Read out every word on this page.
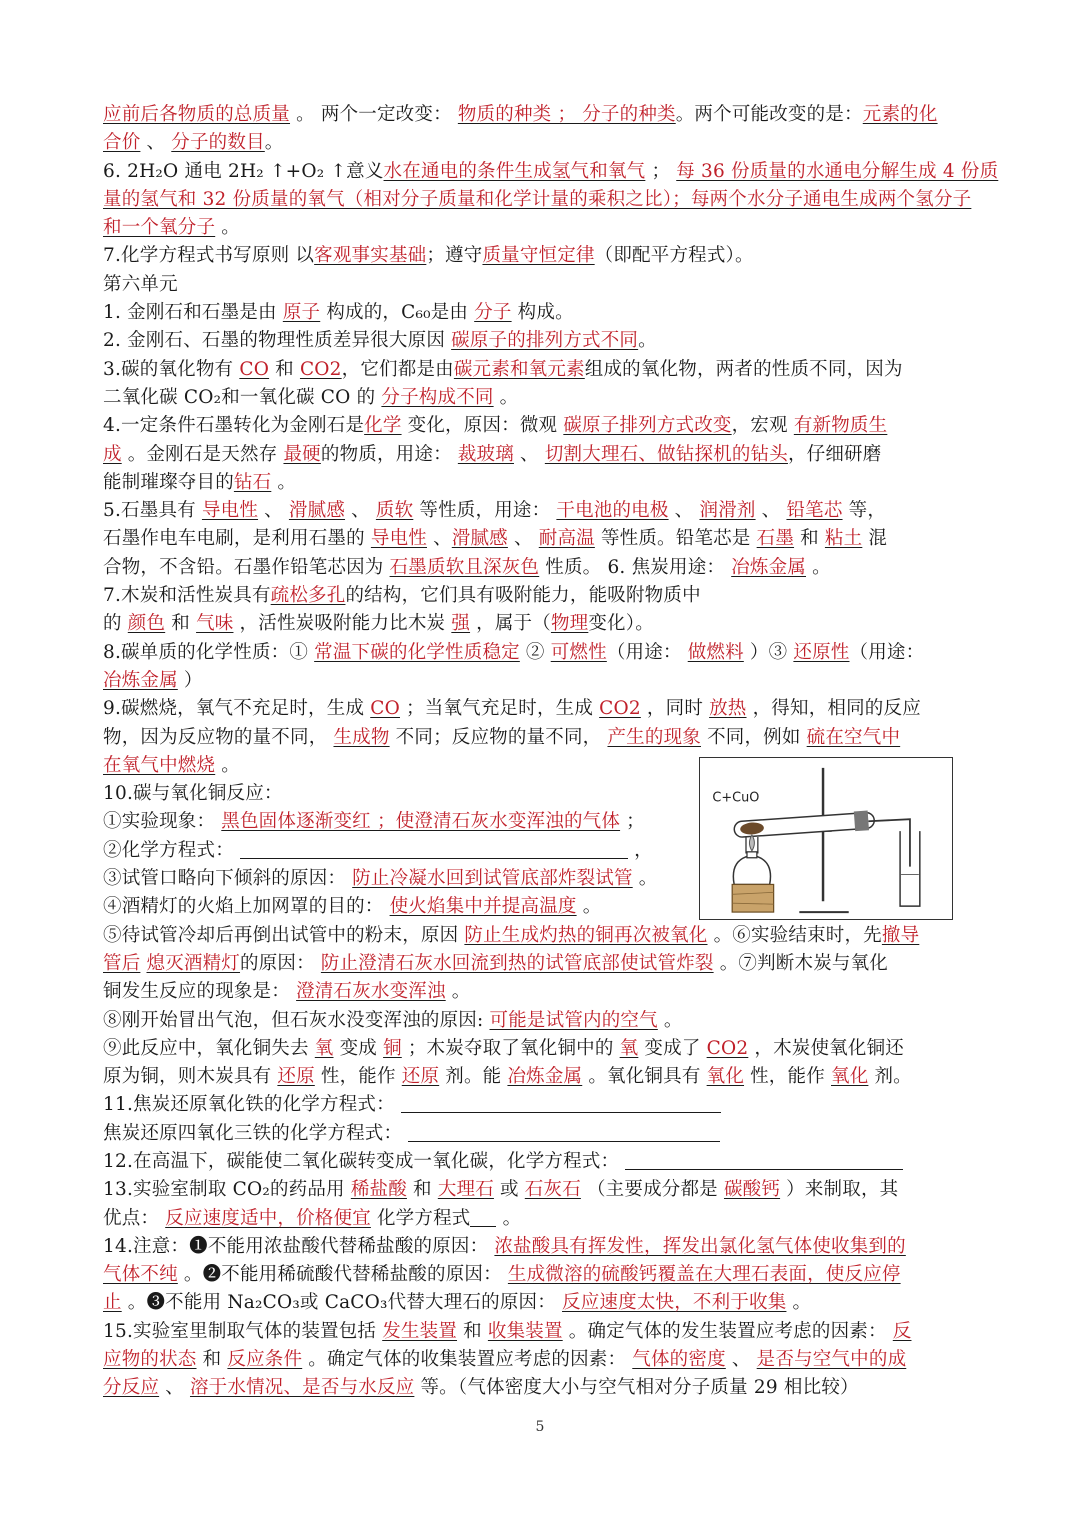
应前后各物质的总质量 。 两个一定改变： 物质的种类 ； 分子的种类。两个可能改变的是：元素的化
合价 、 分子的数目。
6. 2H₂O 通电 2H₂ ↑+O₂ ↑意义水在通电的条件生成氢气和氧气 ； 每 36 份质量的水通电分解生成 4 份质
量的氢气和 32 份质量的氧气（相对分子质量和化学计量的乘积之比）；每两个水分子通电生成两个氢分子
和一个氧分子 。
7.化学方程式书写原则 以客观事实基础；遵守质量守恒定律（即配平方程式）。
第六单元
1. 金刚石和石墨是由 原子 构成的，C₆₀是由 分子 构成。
2. 金刚石、石墨的物理性质差异很大原因 碳原子的排列方式不同。
3.碳的氧化物有 CO 和 CO2，它们都是由碳元素和氧元素组成的氧化物，两者的性质不同，因为
二氧化碳 CO₂和一氧化碳 CO 的 分子构成不同 。
4.一定条件石墨转化为金刚石是化学 变化，原因：微观 碳原子排列方式改变，宏观 有新物质生
成 。金刚石是天然存 最硬的物质，用途： 裁玻璃 、 切割大理石、做钻探机的钻头，仔细研磨
能制璀璨夺目的钻石 。
5.石墨具有 导电性 、 滑腻感 、 质软 等性质，用途： 干电池的电极 、 润滑剂 、 铅笔芯 等，
石墨作电车电刷，是利用石墨的 导电性 、滑腻感 、 耐高温 等性质。铅笔芯是 石墨 和 粘土 混
合物，不含铅。石墨作铅笔芯因为 石墨质软且深灰色 性质。 6. 焦炭用途： 冶炼金属 。
7.木炭和活性炭具有疏松多孔的结构，它们具有吸附能力，能吸附物质中
的 颜色 和 气味 ，活性炭吸附能力比木炭 强 ，属于（物理变化）。
8.碳单质的化学性质：① 常温下碳的化学性质稳定 ② 可燃性（用途： 做燃料 ）③ 还原性（用途：
冶炼金属 ）
9.碳燃烧，氧气不充足时，生成 CO ；当氧气充足时，生成 CO2 ，同时 放热 ，得知，相同的反应
物，因为反应物的量不同， 生成物 不同；反应物的量不同， 产生的现象 不同，例如 硫在空气中
在氧气中燃烧 。
10.碳与氧化铜反应：
①实验现象： 黑色固体逐渐变红 ；使澄清石灰水变浑浊的气体 ；
②化学方程式：	，
③试管口略向下倾斜的原因： 防止冷凝水回到试管底部炸裂试管 。
④酒精灯的火焰上加网罩的目的： 使火焰集中并提高温度 。
⑤待试管冷却后再倒出试管中的粉末，原因 防止生成灼热的铜再次被氧化 。⑥实验结束时，先撤导
管后 熄灭酒精灯的原因： 防止澄清石灰水回流到热的试管底部使试管炸裂 。⑦判断木炭与氧化
铜发生反应的现象是： 澄清石灰水变浑浊 。
⑧刚开始冒出气泡，但石灰水没变浑浊的原因: 可能是试管内的空气 。
⑨此反应中，氧化铜失去 氧 变成 铜 ；木炭夺取了氧化铜中的 氧 变成了 CO2 ，木炭使氧化铜还
原为铜，则木炭具有 还原 性，能作 还原 剂。能 冶炼金属 。氧化铜具有 氧化 性，能作 氧化 剂。
11.焦炭还原氧化铁的化学方程式：
焦炭还原四氧化三铁的化学方程式：
12.在高温下，碳能使二氧化碳转变成一氧化碳，化学方程式：
13.实验室制取 CO₂的药品用 稀盐酸 和 大理石 或 石灰石 （主要成分都是 碳酸钙 ）来制取，其
优点： 反应速度适中，价格便宜 化学方程式 。
14.注意：❶不能用浓盐酸代替稀盐酸的原因： 浓盐酸具有挥发性，挥发出氯化氢气体使收集到的
气体不纯 。❷不能用稀硫酸代替稀盐酸的原因： 生成微溶的硫酸钙覆盖在大理石表面，使反应停
止 。❸不能用 Na₂CO₃或 CaCO₃代替大理石的原因： 反应速度太快，不利于收集 。
15.实验室里制取气体的装置包括 发生装置 和 收集装置 。确定气体的发生装置应考虑的因素： 反
应物的状态 和 反应条件 。确定气体的收集装置应考虑的因素： 气体的密度 、 是否与空气中的成
分反应 、 溶于水情况、是否与水反应 等。（气体密度大小与空气相对分子质量 29 相比较）
C+CuO
5
